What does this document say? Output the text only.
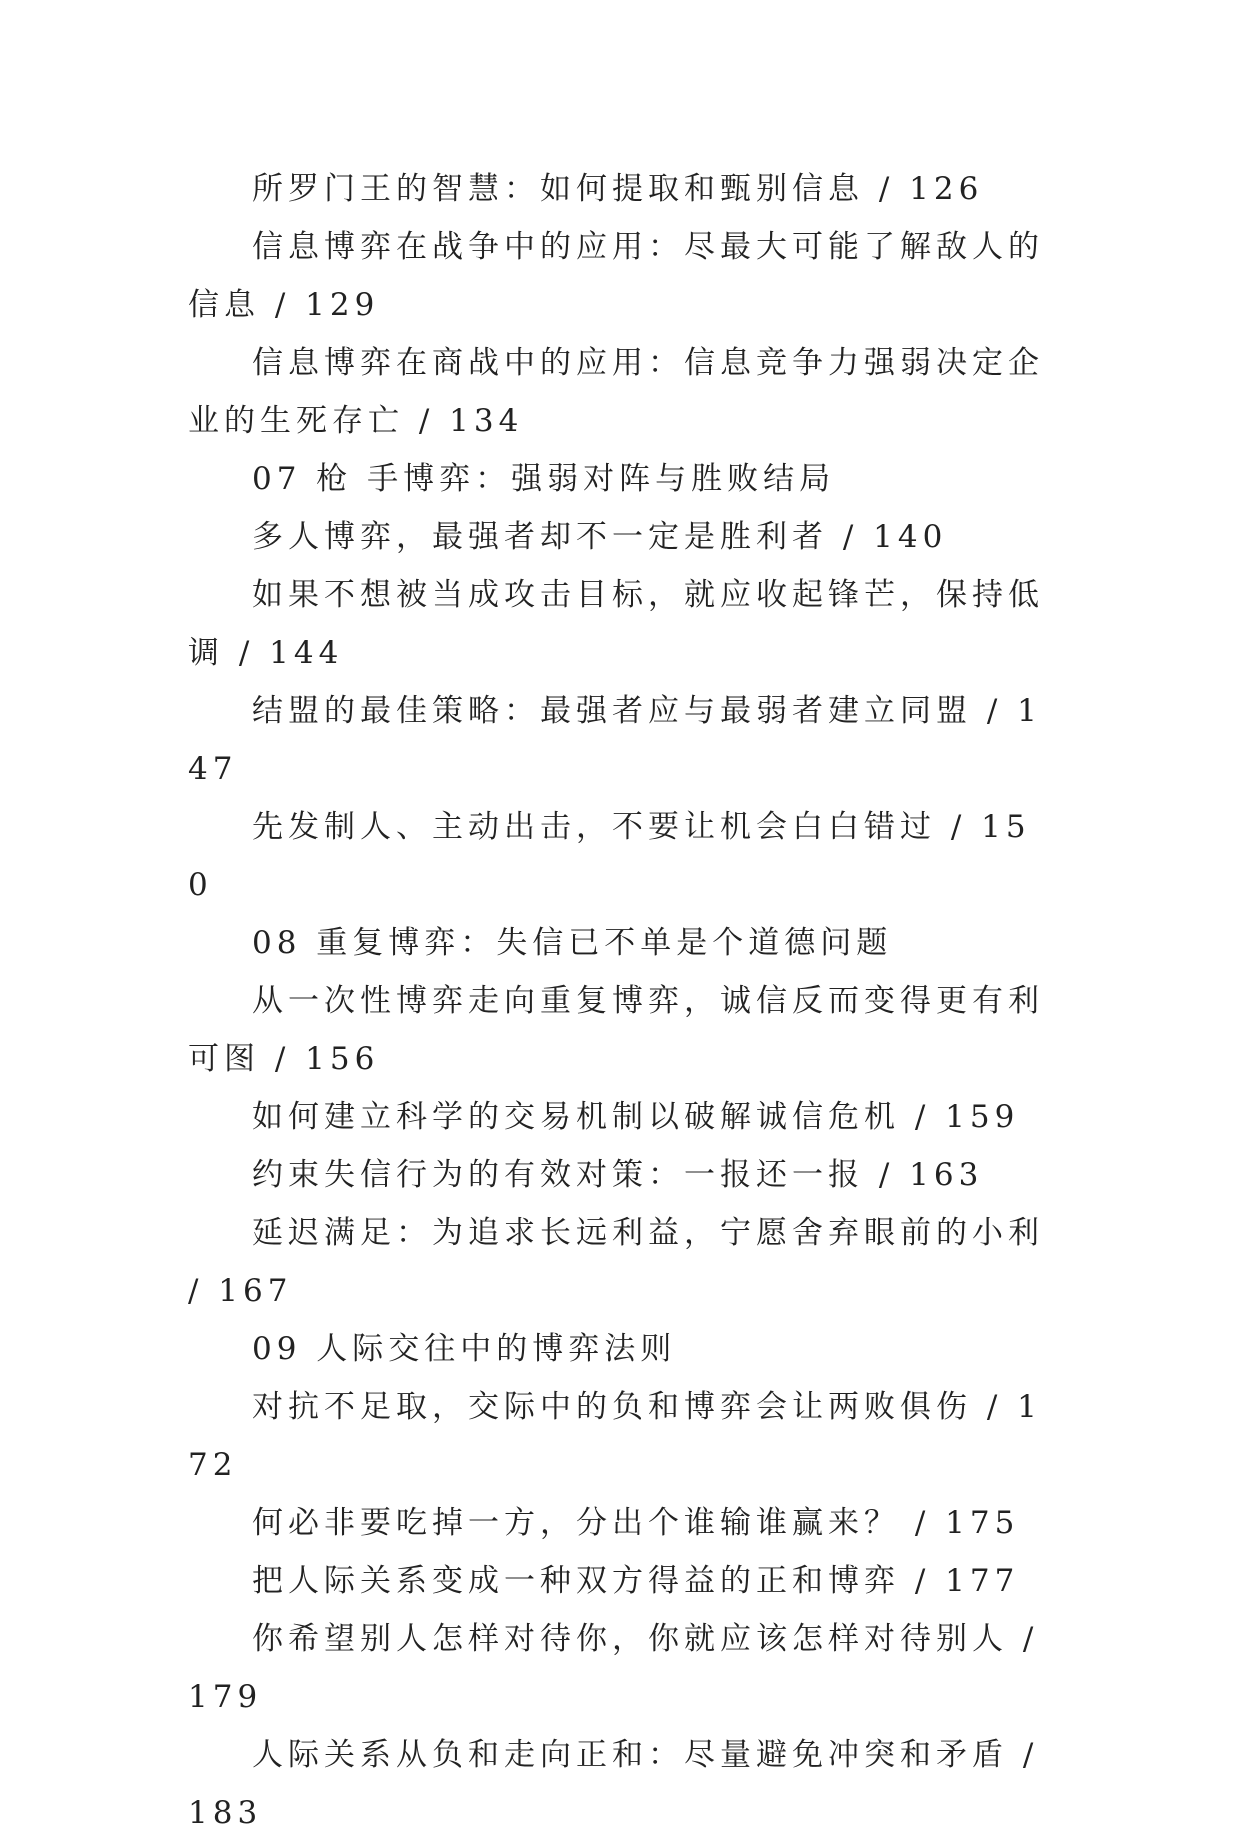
所罗门王的智慧：如何提取和甄别信息 / 126
信息博弈在战争中的应用：尽最大可能了解敌人的信息 / 129
信息博弈在商战中的应用：信息竞争力强弱决定企业的生死存亡 / 134
07 枪 手博弈：强弱对阵与胜败结局
多人博弈，最强者却不一定是胜利者 / 140
如果不想被当成攻击目标，就应收起锋芒，保持低调 / 144
结盟的最佳策略：最强者应与最弱者建立同盟 / 147
先发制人、主动出击，不要让机会白白错过 / 150
08 重复博弈：失信已不单是个道德问题
从一次性博弈走向重复博弈，诚信反而变得更有利可图 / 156
如何建立科学的交易机制以破解诚信危机 / 159
约束失信行为的有效对策：一报还一报 / 163
延迟满足：为追求长远利益，宁愿舍弃眼前的小利 / 167
09 人际交往中的博弈法则
对抗不足取，交际中的负和博弈会让两败俱伤 / 172
何必非要吃掉一方，分出个谁输谁赢来？ / 175
把人际关系变成一种双方得益的正和博弈 / 177
你希望别人怎样对待你，你就应该怎样对待别人 / 179
人际关系从负和走向正和：尽量避免冲突和矛盾 / 183
